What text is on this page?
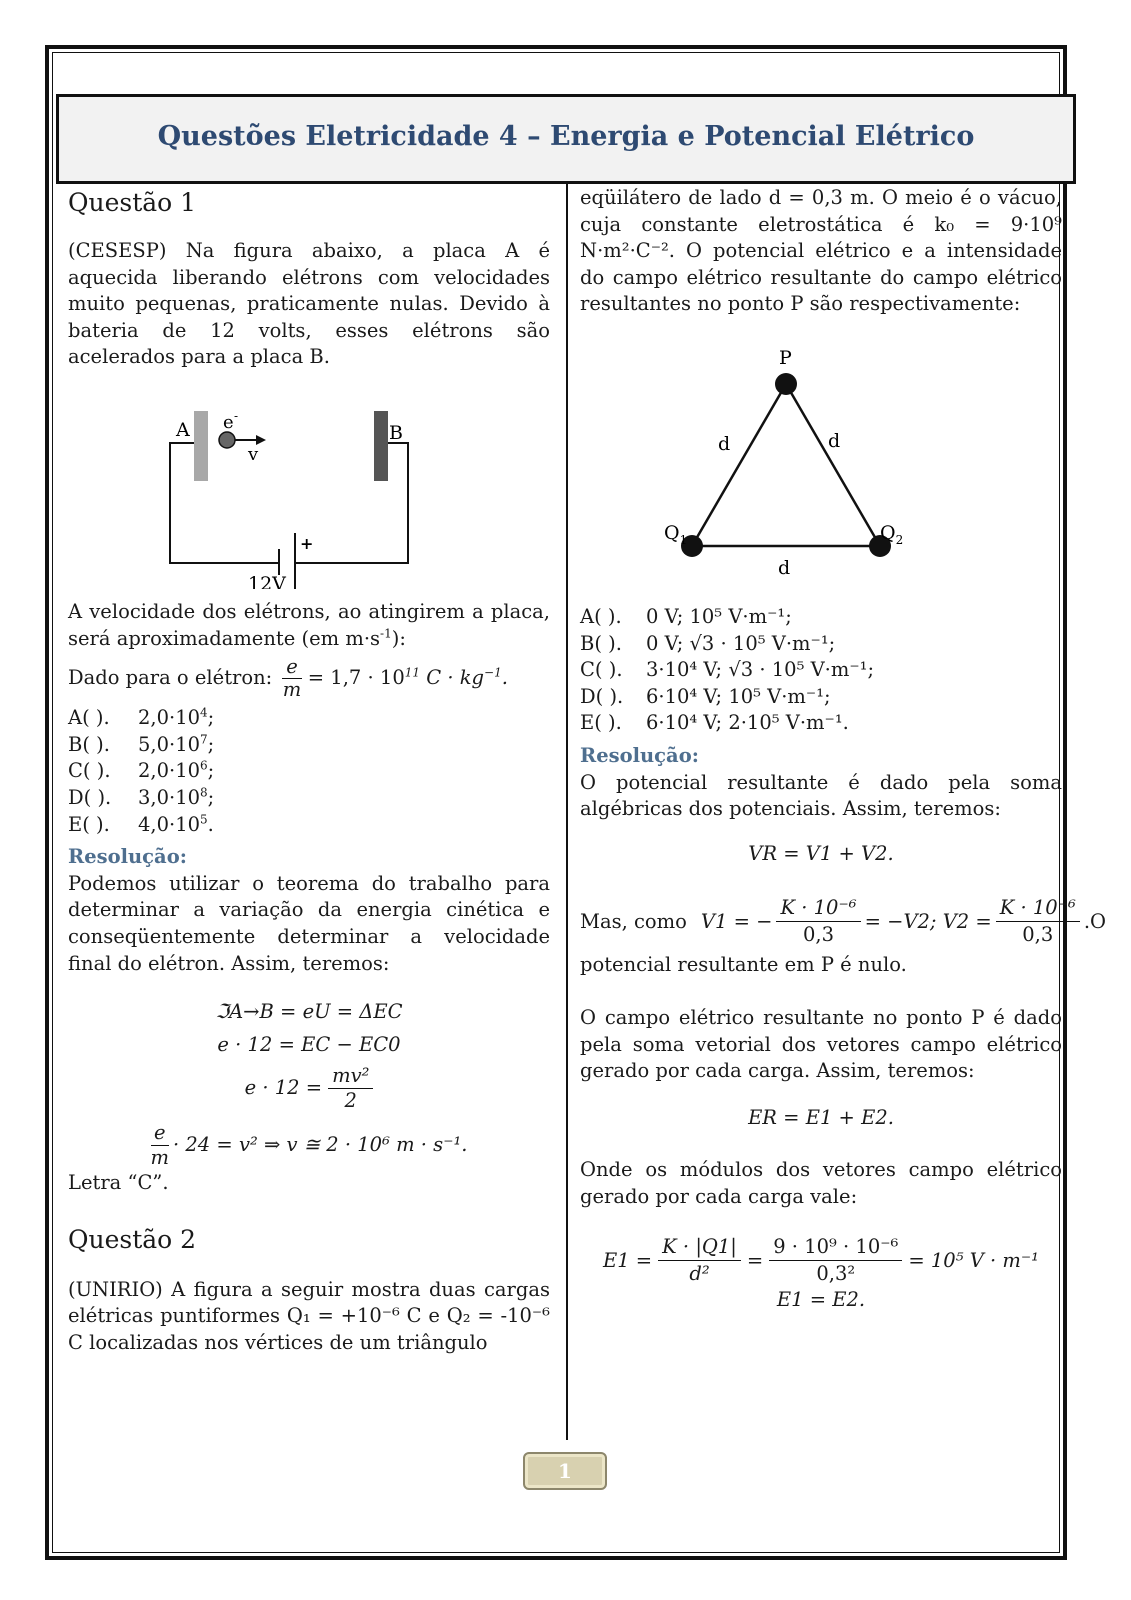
Questões Eletricidade 4 – Energia e Potencial Elétrico
Questão 1

(CESESP) Na figura abaixo, a placa A é aquecida liberando elétrons com velocidades muito pequenas, praticamente nulas. Devido à bateria de 12 volts, esses elétrons são acelerados para a placa B.

A	B
e -
v
+
12V

A velocidade dos elétrons, ao atingirem a placa, será aproximadamente (em $m\cdot s^{-1}$):

Dado para o elétron: $\frac{e}{m} = 1,7 \cdot 10^{11}$ $C \cdot kg^{-1}$.
A( ). $2,0\cdot 10^4$;
B( ). $5,0\cdot 10^7$;
C( ). $2,0\cdot 10^6$;
D( ). $3,0\cdot 10^8$;
E( ). $4,0\cdot 10^5$.
Resolução:

Podemos utilizar o teorema do trabalho para determinar a variação da energia cinética e conseqüentemente determinar a velocidade final do elétron. Assim, teremos:

ℑA→B = eU = ΔEC
e · 12 = EC − EC0
$e \cdot 12 = \frac{\text{mv²}}{2}$
e
m
· 24 = v² ⇒ v ≅ 2 · 10⁶ m · s⁻¹.

Letra “C”.

Questão 2

(UNIRIO) A figura a seguir mostra duas cargas elétricas puntiformes Q₁ = +10⁻⁶ C e Q₂ = -10⁻⁶ C localizadas nos vértices de um triângulo

eqüilátero de lado d = 0,3 m. O meio é o vácuo, cuja constante eletrostática é k₀ = 9·10⁹ N·m²·C⁻². O potencial elétrico e a intensidade do campo elétrico resultante do campo elétrico resultantes no ponto P são respectivamente:

P
$Q_1$	$Q_2$
d	d
d
A( ). 0 V; 10⁵ V·m⁻¹;
B( ). 0 V; √3 · 10⁵ V·m⁻¹;
C( ). 3·10⁴ V; √3 · 10⁵ V·m⁻¹;
D( ). 6·10⁴ V; 10⁵ V·m⁻¹;
E( ). 6·10⁴ V; 2·10⁵ V·m⁻¹.
Resolução:

O potencial resultante é dado pela soma algébricas dos potenciais. Assim, teremos:

VR = V1 + V2.
Mas, como V1 = − $\frac{\text{K · 10⁻⁶}}{0,3} = -V2$; $V2 = \frac{\text{K · 10⁻⁶}}{0,3} .O$

potencial resultante em P é nulo.

O campo elétrico resultante no ponto P é dado pela soma vetorial dos vetores campo elétrico gerado por cada carga. Assim, teremos:

ER = E1 + E2.

Onde os módulos dos vetores campo elétrico gerado por cada carga vale:

$E1 = \frac{K \cdot |Q1|}{\text{d²}} = \frac{\text{9 · 10⁹ · 10⁻⁶}}{\text{0,3²}} = 10^5$ V · m⁻¹
E1 = E2.
1
